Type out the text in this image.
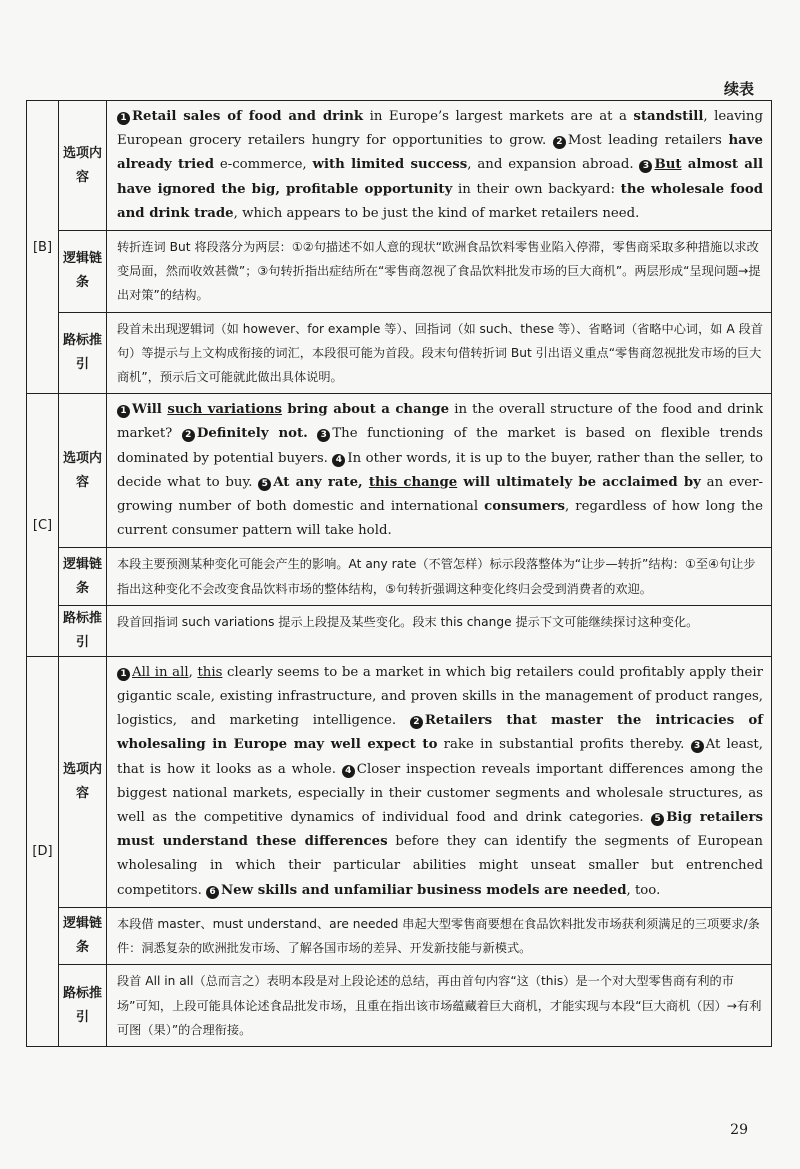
续表
[B]	选项内容	1 Retail sales of food and drink in Europe’s largest markets are at a standstill, leaving European grocery retailers hungry for opportunities to grow. 2 Most leading retailers have already tried e-commerce, with limited success, and expansion abroad. 3 But almost all have ignored the big, profitable opportunity in their own backyard: the wholesale food and drink trade, which appears to be just the kind of market retailers need.
	逻辑链条	转折连词 But 将段落分为两层：①②句描述不如人意的现状“欧洲食品饮料零售业陷入停滞，零售商采取多种措施以求改变局面，然而收效甚微”；③句转折指出症结所在“零售商忽视了食品饮料批发市场的巨大商机”。两层形成“呈现问题→提出对策”的结构。
	路标推引	段首未出现逻辑词（如 however、for example 等）、回指词（如 such、these 等）、省略词（省略中心词，如 A 段首句）等提示与上文构成衔接的词汇，本段很可能为首段。段末句借转折词 But 引出语义重点“零售商忽视批发市场的巨大商机”，预示后文可能就此做出具体说明。
[C]	选项内容	1 Will such variations bring about a change in the overall structure of the food and drink market? 2 Definitely not. 3 The functioning of the market is based on flexible trends dominated by potential buyers. 4 In other words, it is up to the buyer, rather than the seller, to decide what to buy. 5 At any rate, this change will ultimately be acclaimed by an ever-growing number of both domestic and international consumers, regardless of how long the current consumer pattern will take hold.
	逻辑链条	本段主要预测某种变化可能会产生的影响。At any rate（不管怎样）标示段落整体为“让步—转折”结构：①至④句让步指出这种变化不会改变食品饮料市场的整体结构，⑤句转折强调这种变化终归会受到消费者的欢迎。
	路标推引	段首回指词 such variations 提示上段提及某些变化。段末 this change 提示下文可能继续探讨这种变化。
[D]	选项内容	1 All in all, this clearly seems to be a market in which big retailers could profitably apply their gigantic scale, existing infrastructure, and proven skills in the management of product ranges, logistics, and marketing intelligence. 2 Retailers that master the intricacies of wholesaling in Europe may well expect to rake in substantial profits thereby. 3 At least, that is how it looks as a whole. 4 Closer inspection reveals important differences among the biggest national markets, especially in their customer segments and wholesale structures, as well as the competitive dynamics of individual food and drink categories. 5 Big retailers must understand these differences before they can identify the segments of European wholesaling in which their particular abilities might unseat smaller but entrenched competitors. 6 New skills and unfamiliar business models are needed, too.
	逻辑链条	本段借 master、must understand、are needed 串起大型零售商要想在食品饮料批发市场获利须满足的三项要求/条件：洞悉复杂的欧洲批发市场、了解各国市场的差异、开发新技能与新模式。
	路标推引	段首 All in all（总而言之）表明本段是对上段论述的总结，再由首句内容“这（this）是一个对大型零售商有利的市场”可知，上段可能具体论述食品批发市场，且重在指出该市场蕴藏着巨大商机，才能实现与本段“巨大商机（因）→有利可图（果）”的合理衔接。
29
